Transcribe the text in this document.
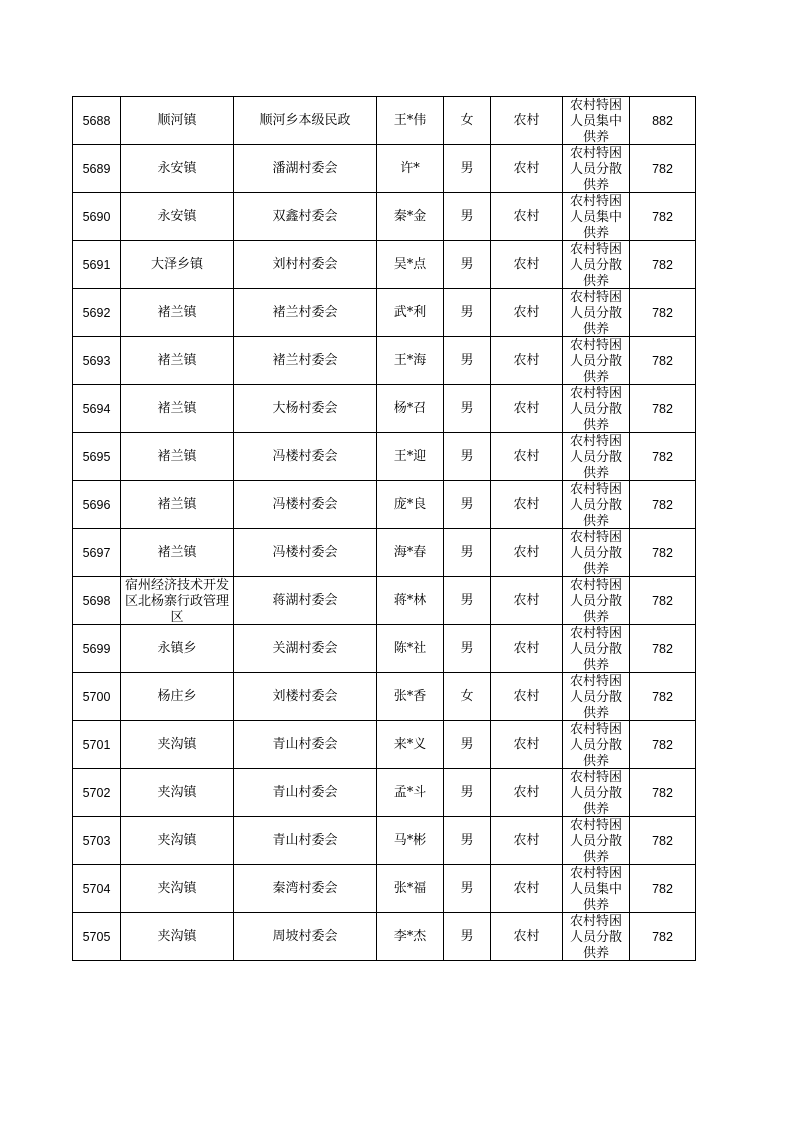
5688	顺河镇	顺河乡本级民政	王*伟	女	农村	农村特困人员集中供养	882
5689	永安镇	潘湖村委会	许*	男	农村	农村特困人员分散供养	782
5690	永安镇	双鑫村委会	秦*金	男	农村	农村特困人员集中供养	782
5691	大泽乡镇	刘村村委会	吴*点	男	农村	农村特困人员分散供养	782
5692	褚兰镇	褚兰村委会	武*利	男	农村	农村特困人员分散供养	782
5693	褚兰镇	褚兰村委会	王*海	男	农村	农村特困人员分散供养	782
5694	褚兰镇	大杨村委会	杨*召	男	农村	农村特困人员分散供养	782
5695	褚兰镇	冯楼村委会	王*迎	男	农村	农村特困人员分散供养	782
5696	褚兰镇	冯楼村委会	庞*良	男	农村	农村特困人员分散供养	782
5697	褚兰镇	冯楼村委会	海*春	男	农村	农村特困人员分散供养	782
5698	宿州经济技术开发区北杨寨行政管理区	蒋湖村委会	蒋*林	男	农村	农村特困人员分散供养	782
5699	永镇乡	关湖村委会	陈*社	男	农村	农村特困人员分散供养	782
5700	杨庄乡	刘楼村委会	张*香	女	农村	农村特困人员分散供养	782
5701	夹沟镇	青山村委会	来*义	男	农村	农村特困人员分散供养	782
5702	夹沟镇	青山村委会	孟*斗	男	农村	农村特困人员分散供养	782
5703	夹沟镇	青山村委会	马*彬	男	农村	农村特困人员分散供养	782
5704	夹沟镇	秦湾村委会	张*福	男	农村	农村特困人员集中供养	782
5705	夹沟镇	周坡村委会	李*杰	男	农村	农村特困人员分散供养	782
